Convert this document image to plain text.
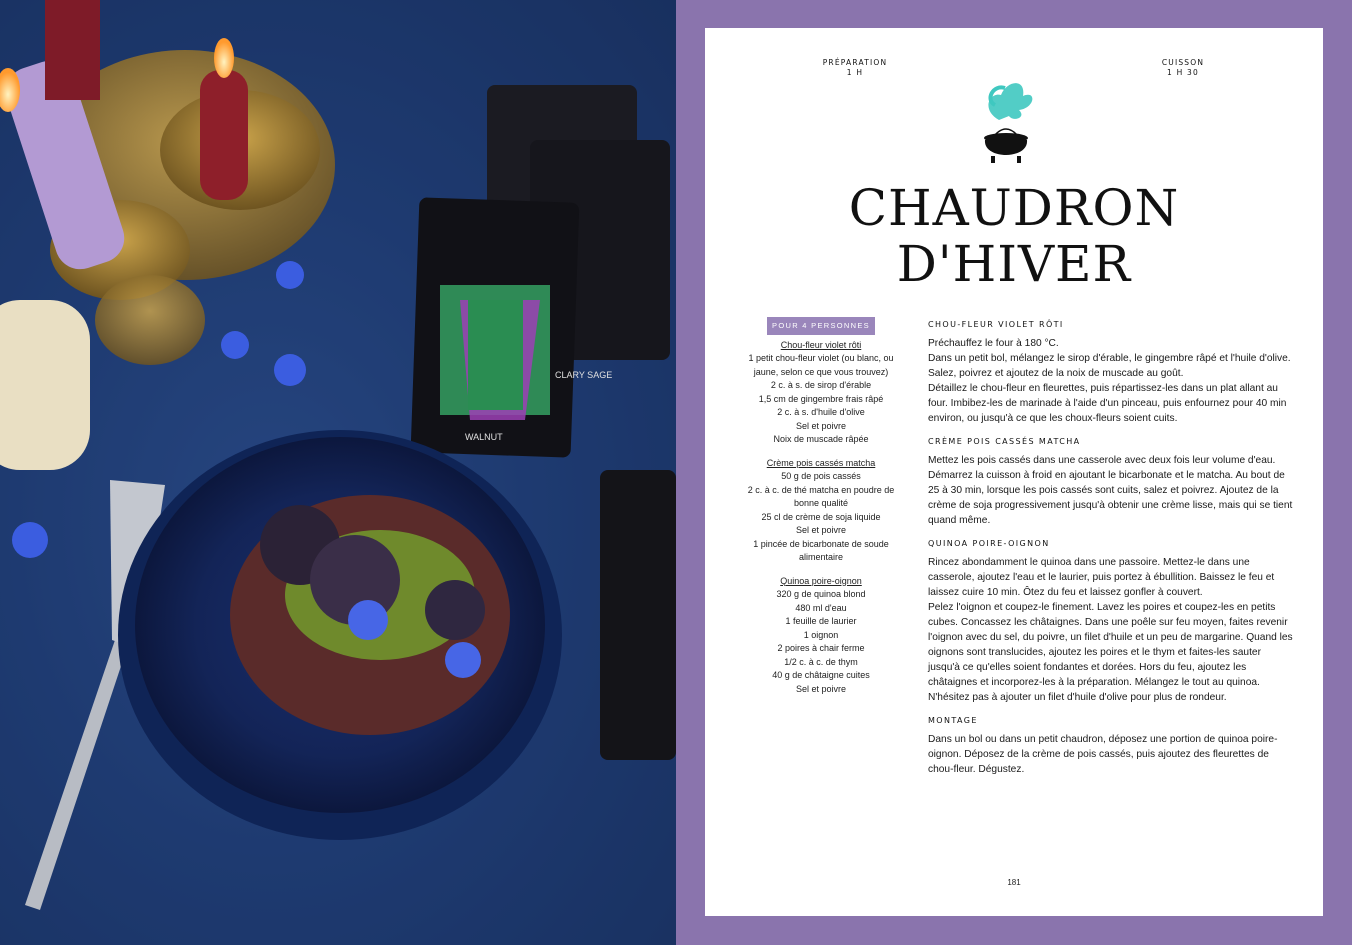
WALNUT
CLARY SAGE
PRÉPARATION
1 H
CUISSON
1 H 30
CHAUDRON
D'HIVER
POUR 4 PERSONNES
Chou-fleur violet rôti
1 petit chou-fleur violet (ou blanc, ou jaune, selon ce que vous trouvez)
2 c. à s. de sirop d'érable
1,5 cm de gingembre frais râpé
2 c. à s. d'huile d'olive
Sel et poivre
Noix de muscade râpée
Crème pois cassés matcha
50 g de pois cassés
2 c. à c. de thé matcha en poudre de bonne qualité
25 cl de crème de soja liquide
Sel et poivre
1 pincée de bicarbonate de soude alimentaire
Quinoa poire-oignon
320 g de quinoa blond
480 ml d'eau
1 feuille de laurier
1 oignon
2 poires à chair ferme
1/2 c. à c. de thym
40 g de châtaigne cuites
Sel et poivre
CHOU-FLEUR VIOLET RÔTI

Préchauffez le four à 180 °C.

Dans un petit bol, mélangez le sirop d'érable, le gingembre râpé et l'huile d'olive. Salez, poivrez et ajoutez de la noix de muscade au goût.

Détaillez le chou-fleur en fleurettes, puis répartissez-les dans un plat allant au four. Imbibez-les de marinade à l'aide d'un pinceau, puis enfournez pour 40 min environ, ou jusqu'à ce que les choux-fleurs soient cuits.

CRÈME POIS CASSÉS MATCHA

Mettez les pois cassés dans une casserole avec deux fois leur volume d'eau. Démarrez la cuisson à froid en ajoutant le bicarbonate et le matcha. Au bout de 25 à 30 min, lorsque les pois cassés sont cuits, salez et poivrez. Ajoutez de la crème de soja progressivement jusqu'à obtenir une crème lisse, mais qui se tient quand même.

QUINOA POIRE-OIGNON

Rincez abondamment le quinoa dans une passoire. Mettez-le dans une casserole, ajoutez l'eau et le laurier, puis portez à ébullition. Baissez le feu et laissez cuire 10 min. Ôtez du feu et laissez gonfler à couvert.

Pelez l'oignon et coupez-le finement. Lavez les poires et coupez-les en petits cubes. Concassez les châtaignes. Dans une poêle sur feu moyen, faites revenir l'oignon avec du sel, du poivre, un filet d'huile et un peu de margarine. Quand les oignons sont translucides, ajoutez les poires et le thym et faites-les sauter jusqu'à ce qu'elles soient fondantes et dorées. Hors du feu, ajoutez les châtaignes et incorporez-les à la préparation. Mélangez le tout au quinoa. N'hésitez pas à ajouter un filet d'huile d'olive pour plus de rondeur.

MONTAGE

Dans un bol ou dans un petit chaudron, déposez une portion de quinoa poire-oignon. Déposez de la crème de pois cassés, puis ajoutez des fleurettes de chou-fleur. Dégustez.

181
